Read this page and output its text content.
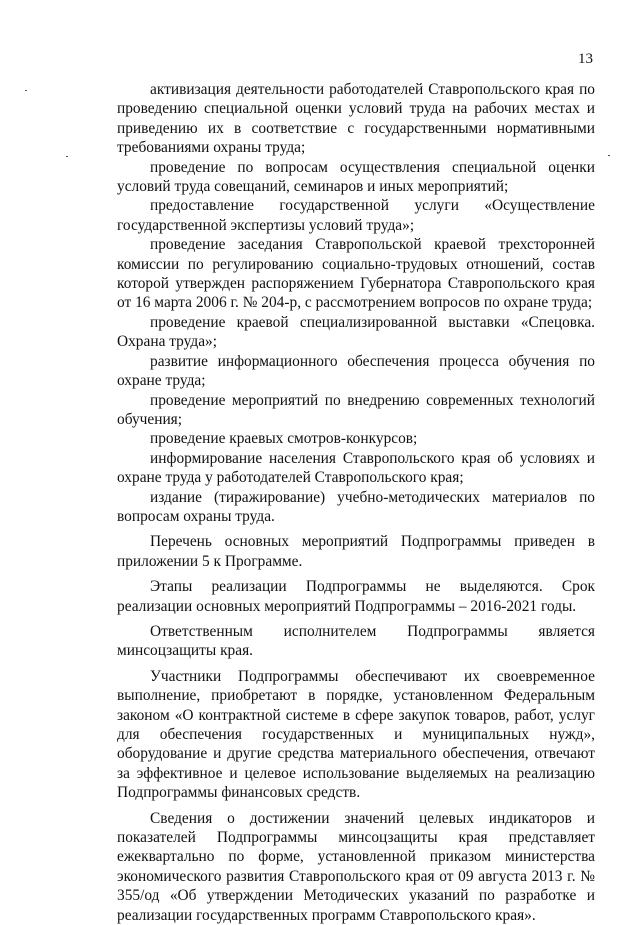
13

активизация деятельности работодателей Ставропольского края по проведению специальной оценки условий труда на рабочих местах и приведению их в соответствие с государственными нормативными требованиями охраны труда;

проведение по вопросам осуществления специальной оценки условий труда совещаний, семинаров и иных мероприятий;

предоставление государственной услуги «Осуществление государственной экспертизы условий труда»;

проведение заседания Ставропольской краевой трехсторонней комиссии по регулированию социально-трудовых отношений, состав которой утвержден распоряжением Губернатора Ставропольского края от 16 марта 2006 г. № 204-р, с рассмотрением вопросов по охране труда;

проведение краевой специализированной выставки «Спецовка. Охрана труда»;

развитие информационного обеспечения процесса обучения по охране труда;

проведение мероприятий по внедрению современных технологий обучения;

проведение краевых смотров-конкурсов;

информирование населения Ставропольского края об условиях и охране труда у работодателей Ставропольского края;

издание (тиражирование) учебно-методических материалов по вопросам охраны труда.

Перечень основных мероприятий Подпрограммы приведен в приложении 5 к Программе.

Этапы реализации Подпрограммы не выделяются. Срок реализации основных мероприятий Подпрограммы – 2016-2021 годы.

Ответственным исполнителем Подпрограммы является минсоцзащиты края.

Участники Подпрограммы обеспечивают их своевременное выполнение, приобретают в порядке, установленном Федеральным законом «О контрактной системе в сфере закупок товаров, работ, услуг для обеспечения государственных и муниципальных нужд», оборудование и другие средства материального обеспечения, отвечают за эффективное и целевое использование выделяемых на реализацию Подпрограммы финансовых средств.

Сведения о достижении значений целевых индикаторов и показателей Подпрограммы минсоцзащиты края представляет ежеквартально по форме, установленной приказом министерства экономического развития Ставропольского края от 09 августа 2013 г. № 355/од «Об утверждении Методических указаний по разработке и реализации государственных программ Ставропольского края».
